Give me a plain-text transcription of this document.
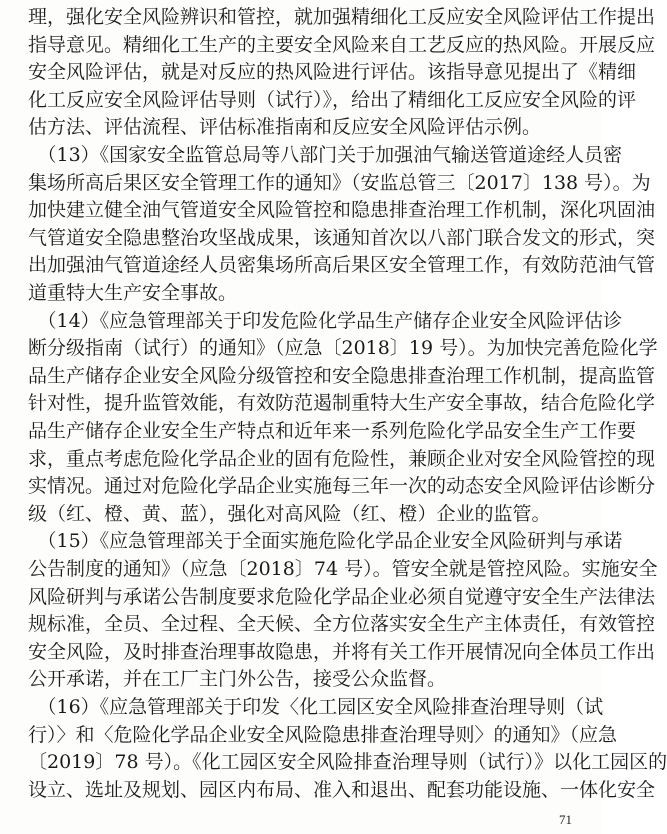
理，强化安全风险辨识和管控，就加强精细化工反应安全风险评估工作提出
指导意见。精细化工生产的主要安全风险来自工艺反应的热风险。开展反应
安全风险评估，就是对反应的热风险进行评估。该指导意见提出了《精细
化工反应安全风险评估导则（试行）》，给出了精细化工反应安全风险的评
估方法、评估流程、评估标准指南和反应安全风险评估示例。
　（13）《国家安全监管总局等八部门关于加强油气输送管道途经人员密
集场所高后果区安全管理工作的通知》（安监总管三〔2017〕138 号）。为
加快建立健全油气管道安全风险管控和隐患排查治理工作机制，深化巩固油
气管道安全隐患整治攻坚战成果，该通知首次以八部门联合发文的形式，突
出加强油气管道途经人员密集场所高后果区安全管理工作，有效防范油气管
道重特大生产安全事故。
　（14）《应急管理部关于印发危险化学品生产储存企业安全风险评估诊
断分级指南（试行）的通知》（应急〔2018〕19 号）。为加快完善危险化学
品生产储存企业安全风险分级管控和安全隐患排查治理工作机制，提高监管
针对性，提升监管效能，有效防范遏制重特大生产安全事故，结合危险化学
品生产储存企业安全生产特点和近年来一系列危险化学品安全生产工作要
求，重点考虑危险化学品企业的固有危险性，兼顾企业对安全风险管控的现
实情况。通过对危险化学品企业实施每三年一次的动态安全风险评估诊断分
级（红、橙、黄、蓝），强化对高风险（红、橙）企业的监管。
　（15）《应急管理部关于全面实施危险化学品企业安全风险研判与承诺
公告制度的通知》（应急〔2018〕74 号）。管安全就是管控风险。实施安全
风险研判与承诺公告制度要求危险化学品企业必须自觉遵守安全生产法律法
规标准，全员、全过程、全天候、全方位落实安全生产主体责任，有效管控
安全风险，及时排查治理事故隐患，并将有关工作开展情况向全体员工作出
公开承诺，并在工厂主门外公告，接受公众监督。
　（16）《应急管理部关于印发〈化工园区安全风险排查治理导则（试
行）〉和〈危险化学品企业安全风险隐患排查治理导则〉的通知》（应急
〔2019〕78 号）。《化工园区安全风险排查治理导则（试行）》以化工园区的
设立、选址及规划、园区内布局、准入和退出、配套功能设施、一体化安全
71
